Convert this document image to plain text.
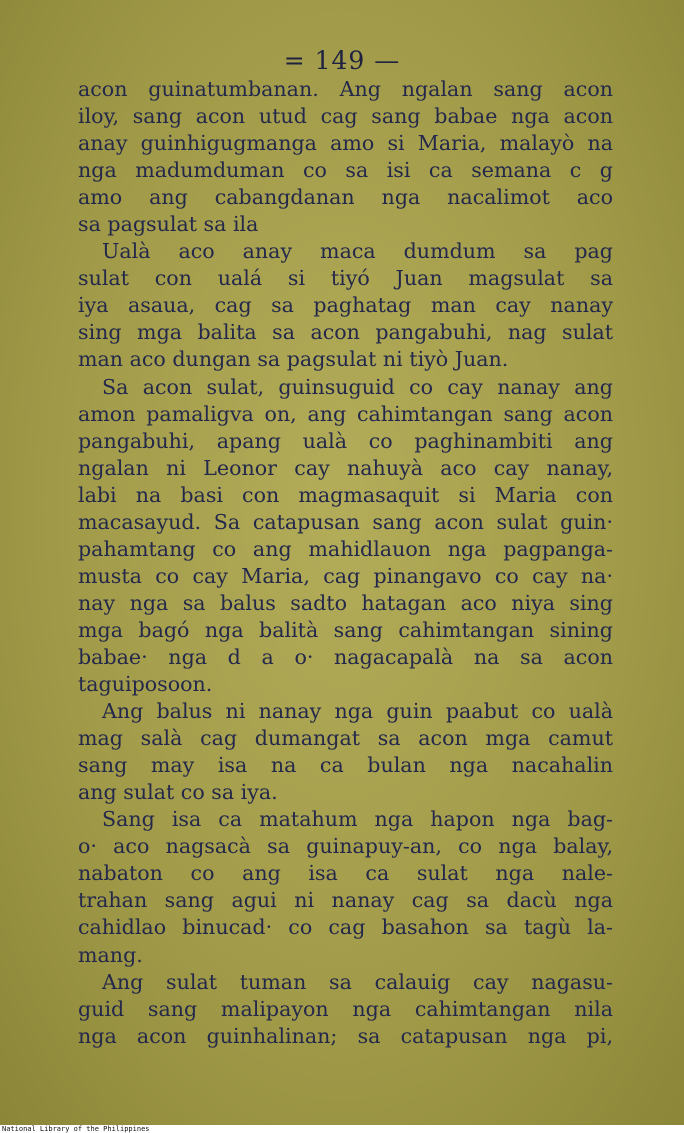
= 149 —

acon guinatumbanan. Ang ngalan sang acon
iloy, sang acon utud cag sang babae nga acon
anay guinhigugmanga amo si Maria, malayò na
nga madumduman co sa isi ca semana c g
amo ang cabangdanan nga nacalimot aco
sa pagsulat sa ila

Ualà aco anay maca dumdum sa pag
sulat con ualá si tiyó Juan magsulat sa
iya asaua, cag sa paghatag man cay nanay
sing mga balita sa acon pangabuhi, nag sulat
man aco dungan sa pagsulat ni tiyò Juan.

Sa acon sulat, guinsuguid co cay nanay ang
amon pamaligva on, ang cahimtangan sang acon
pangabuhi, apang ualà co paghinambiti ang
ngalan ni Leonor cay nahuyà aco cay nanay,
labi na basi con magmasaquit si Maria con
macasayud. Sa catapusan sang acon sulat guin·
pahamtang co ang mahidlauon nga pagpanga-
musta co cay Maria, cag pinangavo co cay na·
nay nga sa balus sadto hatagan aco niya sing
mga bagó nga balità sang cahimtangan sining
babae· nga d a o· nagacapalà na sa acon
taguiposoon.

Ang balus ni nanay nga guin paabut co ualà
mag salà cag dumangat sa acon mga camut
sang may isa na ca bulan nga nacahalin
ang sulat co sa iya.

Sang isa ca matahum nga hapon nga bag-
o· aco nagsacà sa guinapuy-an, co nga balay,
nabaton co ang isa ca sulat nga nale-
trahan sang agui ni nanay cag sa dacù nga
cahidlao binucad· co cag basahon sa tagù la-
mang.

Ang sulat tuman sa calauig cay nagasu-
guid sang malipayon nga cahimtangan nila
nga acon guinhalinan; sa catapusan nga pi,

National Library of the Philippines
